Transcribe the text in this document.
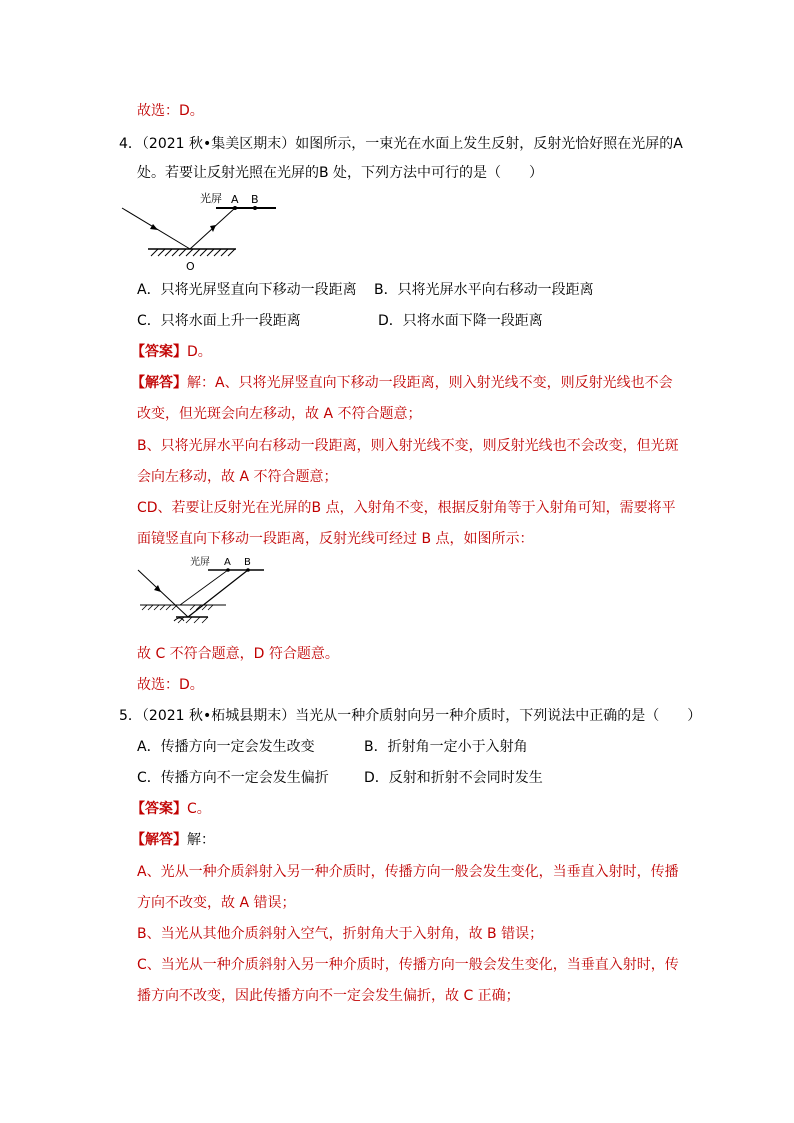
故选：D。
4．（2021 秋•集美区期末）如图所示，一束光在水面上发生反射，反射光恰好照在光屏的A
处。若要让反射光照在光屏的B 处，下列方法中可行的是（　　）
光屏 A B
O
A．只将光屏竖直向下移动一段距离 B．只将光屏水平向右移动一段距离
C．只将水面上升一段距离	D．只将水面下降一段距离
【答案】D。
【解答】解：A、只将光屏竖直向下移动一段距离，则入射光线不变，则反射光线也不会
改变，但光斑会向左移动，故 A 不符合题意；
B、只将光屏水平向右移动一段距离，则入射光线不变，则反射光线也不会改变，但光斑
会向左移动，故 A 不符合题意；
CD、若要让反射光在光屏的B 点，入射角不变，根据反射角等于入射角可知，需要将平
面镜竖直向下移动一段距离，反射光线可经过 B 点，如图所示：
光屏 A B
故 C 不符合题意，D 符合题意。
故选：D。
5．（2021 秋•柘城县期末）当光从一种介质射向另一种介质时，下列说法中正确的是（　　）
A．传播方向一定会发生改变	B．折射角一定小于入射角
C．传播方向不一定会发生偏折	D．反射和折射不会同时发生
【答案】C。
【解答】解：
A、光从一种介质斜射入另一种介质时，传播方向一般会发生变化，当垂直入射时，传播
方向不改变，故 A 错误；
B、当光从其他介质斜射入空气，折射角大于入射角，故 B 错误；
C、当光从一种介质斜射入另一种介质时，传播方向一般会发生变化，当垂直入射时，传
播方向不改变，因此传播方向不一定会发生偏折，故 C 正确；
